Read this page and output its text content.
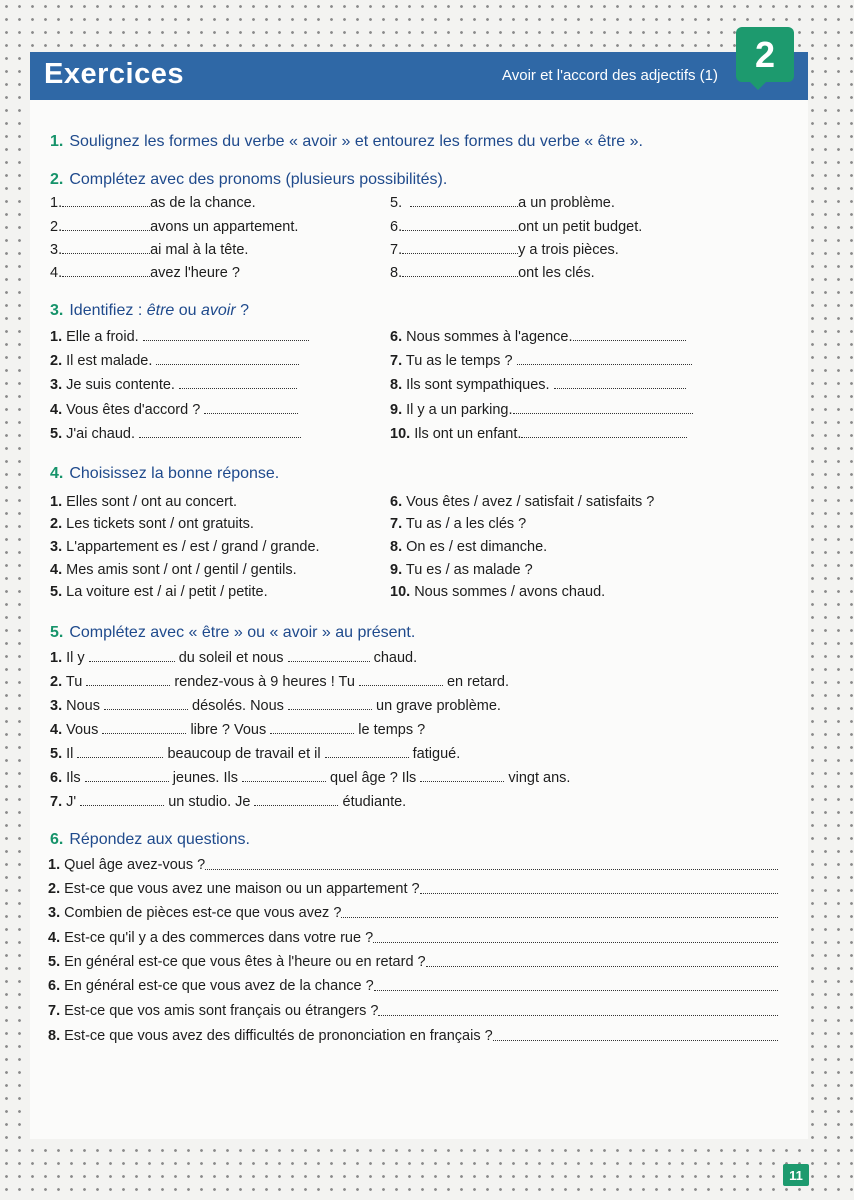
Exercices	Avoir et l'accord des adjectifs (1)
2
1. Soulignez les formes du verbe « avoir » et entourez les formes du verbe « être ».
2. Complétez avec des pronoms (plusieurs possibilités).
1.	as de la chance.
2.	avons un appartement.
3.	ai mal à la tête.
4.	avez l'heure ?
5.	a un problème.
6.	ont un petit budget.
7.	y a trois pièces.
8.	ont les clés.
3. Identifiez : être ou avoir ?
1. Elle a froid.
2. Il est malade.
3. Je suis contente.
4. Vous êtes d'accord ?
5. J'ai chaud.
6. Nous sommes à l'agence.
7. Tu as le temps ?
8. Ils sont sympathiques.
9. Il y a un parking.
10. Ils ont un enfant.
4. Choisissez la bonne réponse.
1. Elles sont / ont au concert.
2. Les tickets sont / ont gratuits.
3. L'appartement es / est / grand / grande.
4. Mes amis sont / ont / gentil / gentils.
5. La voiture est / ai / petit / petite.
6. Vous êtes / avez / satisfait / satisfaits ?
7. Tu as / a les clés ?
8. On es / est dimanche.
9. Tu es / as malade ?
10. Nous sommes / avons chaud.
5. Complétez avec « être » ou « avoir » au présent.
1. Il y	du soleil et nous	chaud.
2. Tu	rendez-vous à 9 heures ! Tu	en retard.
3. Nous	désolés. Nous	un grave problème.
4. Vous	libre ? Vous	le temps ?
5. Il	beaucoup de travail et il	fatigué.
6. Ils	jeunes. Ils	quel âge ? Ils	vingt ans.
7. J'	un studio. Je	étudiante.
6. Répondez aux questions.
1.
Quel âge avez-vous ?
2.
Est-ce que vous avez une maison ou un appartement ?
3.
Combien de pièces est-ce que vous avez ?
4.
Est-ce qu'il y a des commerces dans votre rue ?
5.
En général est-ce que vous êtes à l'heure ou en retard ?
6.
En général est-ce que vous avez de la chance ?
7.
Est-ce que vos amis sont français ou étrangers ?
8.
Est-ce que vous avez des difficultés de prononciation en français ?
11
